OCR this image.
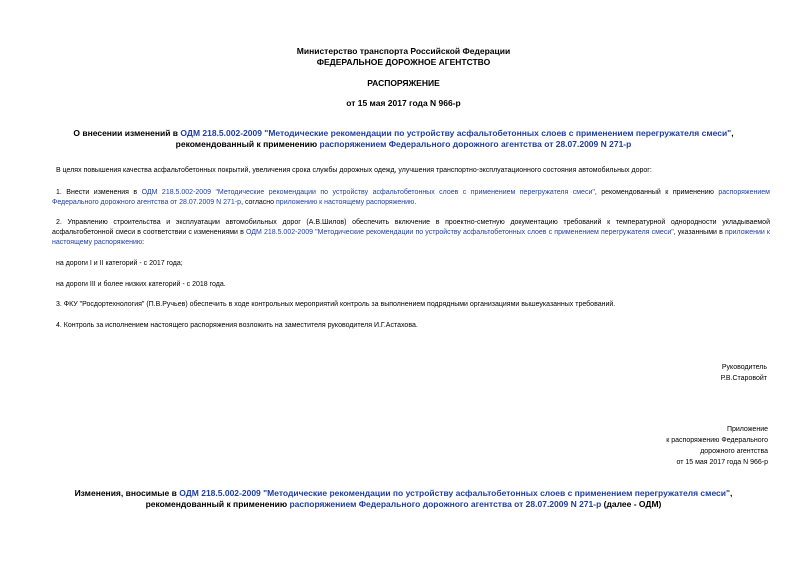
Министерство транспорта Российской Федерации
ФЕДЕРАЛЬНОЕ ДОРОЖНОЕ АГЕНТСТВО
РАСПОРЯЖЕНИЕ
от 15 мая 2017 года N 966-р
О внесении изменений в ОДМ 218.5.002-2009 "Методические рекомендации по устройству асфальтобетонных слоев с применением перегружателя смеси",
рекомендованный к применению распоряжением Федерального дорожного агентства от 28.07.2009 N 271-р
В целях повышения качества асфальтобетонных покрытий, увеличения срока службы дорожных одежд, улучшения транспортно-эксплуатационного состояния автомобильных дорог:
1. Внести изменения в ОДМ 218.5.002-2009 "Методические рекомендации по устройству асфальтобетонных слоев с применением перегружателя смеси", рекомендованный к применению распоряжением Федерального дорожного агентства от 28.07.2009 N 271-р, согласно приложению к настоящему распоряжению.
2. Управлению строительства и эксплуатации автомобильных дорог (А.В.Шилов) обеспечить включение в проектно-сметную документацию требований к температурной однородности укладываемой асфальтобетонной смеси в соответствии с изменениями в ОДМ 218.5.002-2009 "Методические рекомендации по устройству асфальтобетонных слоев с применением перегружателя смеси", указанными в приложении к настоящему распоряжению:
на дороги I и II категорий - с 2017 года;
на дороги III и более низких категорий - с 2018 года.
3. ФКУ "Росдортехнология" (П.В.Ручьев) обеспечить в ходе контрольных мероприятий контроль за выполнением подрядными организациями вышеуказанных требований.
4. Контроль за исполнением настоящего распоряжения возложить на заместителя руководителя И.Г.Астахова.
Руководитель
Р.В.Старовойт
Приложение
к распоряжению Федерального
дорожного агентства
от 15 мая 2017 года N 966-р
Изменения, вносимые в ОДМ 218.5.002-2009 "Методические рекомендации по устройству асфальтобетонных слоев с применением перегружателя смеси",
рекомендованный к применению распоряжением Федерального дорожного агентства от 28.07.2009 N 271-р (далее - ОДМ)
